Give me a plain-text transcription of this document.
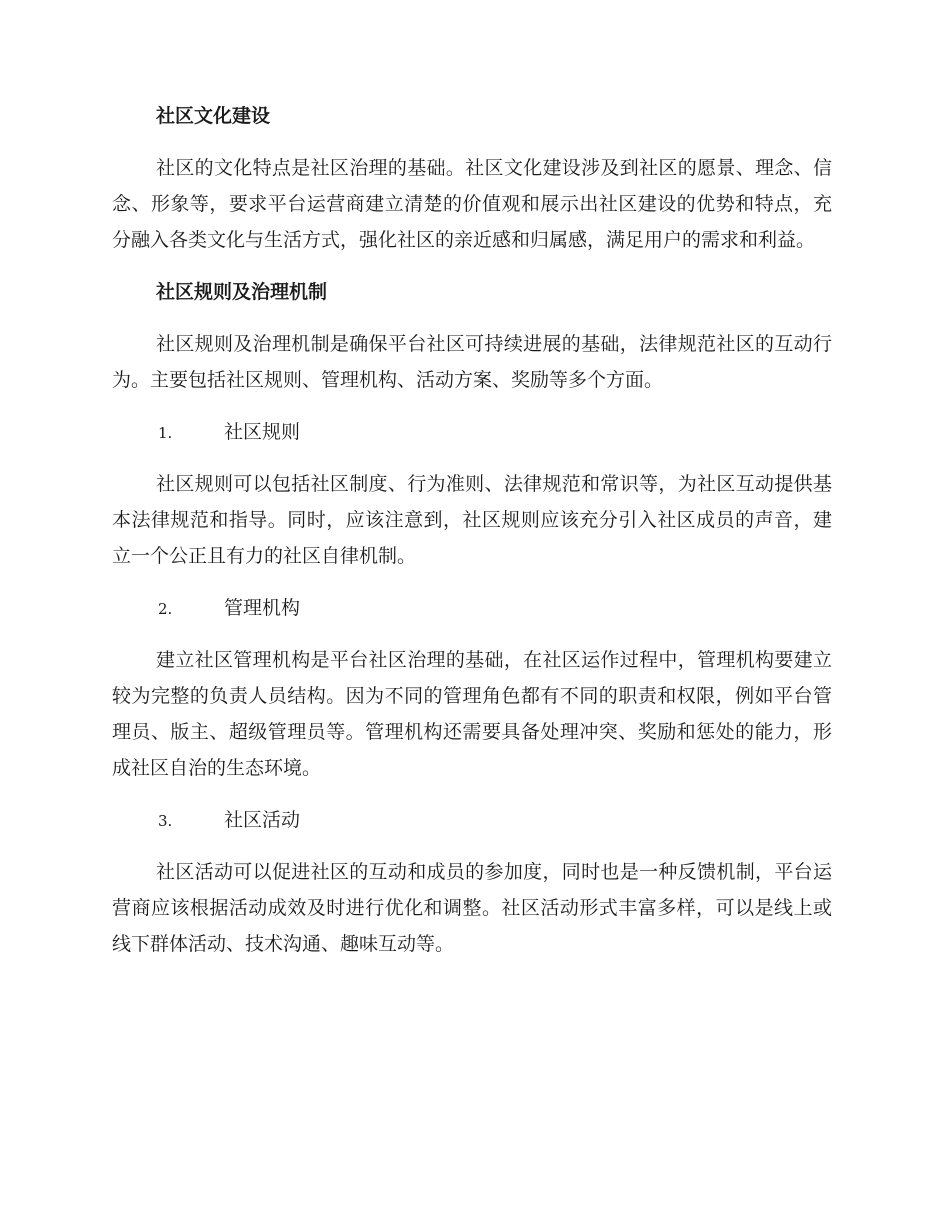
社区文化建设

社区的文化特点是社区治理的基础。社区文化建设涉及到社区的愿景、理念、信念、形象等，要求平台运营商建立清楚的价值观和展示出社区建设的优势和特点，充分融入各类文化与生活方式，强化社区的亲近感和归属感，满足用户的需求和利益。

社区规则及治理机制

社区规则及治理机制是确保平台社区可持续进展的基础，法律规范社区的互动行为。主要包括社区规则、管理机构、活动方案、奖励等多个方面。

1.	社区规则

社区规则可以包括社区制度、行为准则、法律规范和常识等，为社区互动提供基本法律规范和指导。同时，应该注意到，社区规则应该充分引入社区成员的声音，建立一个公正且有力的社区自律机制。

2.	管理机构

建立社区管理机构是平台社区治理的基础，在社区运作过程中，管理机构要建立较为完整的负责人员结构。因为不同的管理角色都有不同的职责和权限，例如平台管理员、版主、超级管理员等。管理机构还需要具备处理冲突、奖励和惩处的能力，形成社区自治的生态环境。

3.	社区活动

社区活动可以促进社区的互动和成员的参加度，同时也是一种反馈机制，平台运营商应该根据活动成效及时进行优化和调整。社区活动形式丰富多样，可以是线上或线下群体活动、技术沟通、趣味互动等。
